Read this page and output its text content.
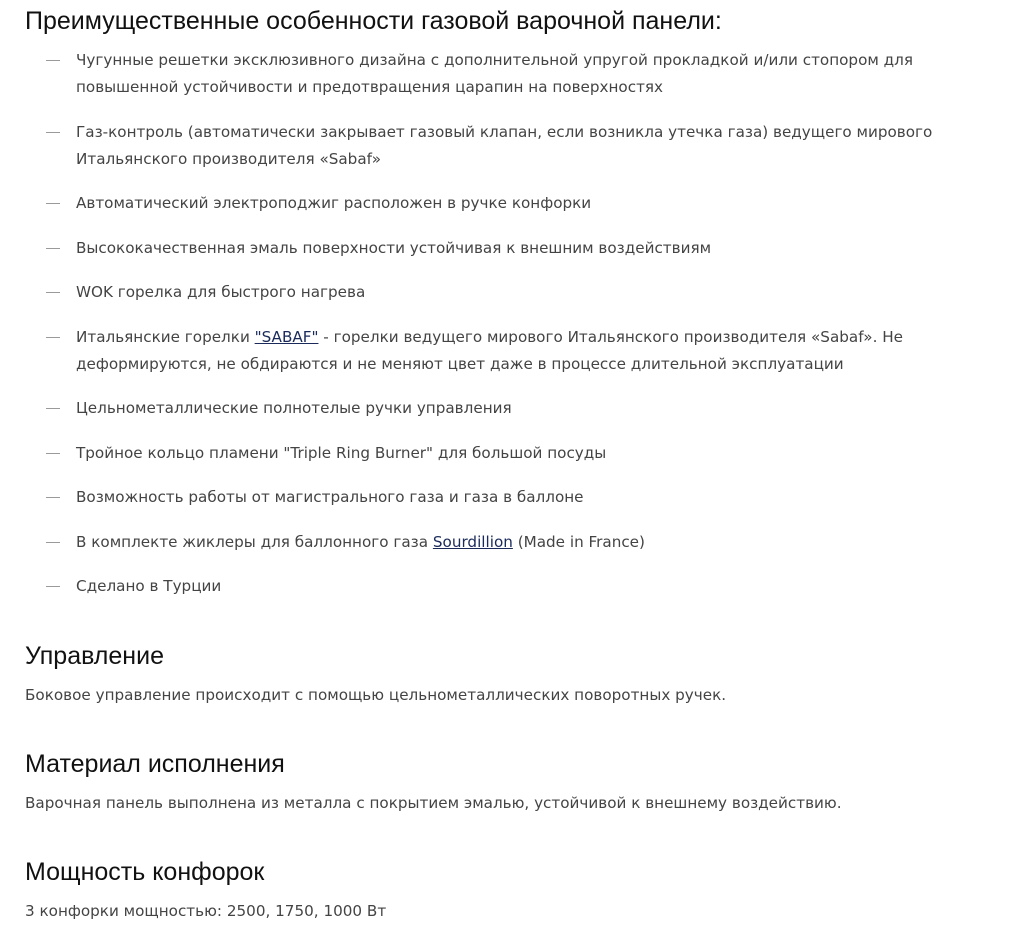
Преимущественные особенности газовой варочной панели:
Чугунные решетки эксклюзивного дизайна с дополнительной упругой прокладкой и/или стопором для повышенной устойчивости и предотвращения царапин на поверхностях
Газ-контроль (автоматически закрывает газовый клапан, если возникла утечка газа) ведущего мирового Итальянского производителя «Sabaf»
Автоматический электроподжиг расположен в ручке конфорки
Высококачественная эмаль поверхности устойчивая к внешним воздействиям
WOK горелка для быстрого нагрева
Итальянские горелки "SABAF" - горелки ведущего мирового Итальянского производителя «Sabaf». Не деформируются, не обдираются и не меняют цвет даже в процессе длительной эксплуатации
Цельнометаллические полнотелые ручки управления
Тройное кольцо пламени "Triple Ring Burner" для большой посуды
Возможность работы от магистрального газа и газа в баллоне
В комплекте жиклеры для баллонного газа Sourdillion (Made in France)
Сделано в Турции
Управление

Боковое управление происходит с помощью цельнометаллических поворотных ручек.

Материал исполнения

Варочная панель выполнена из металла с покрытием эмалью, устойчивой к внешнему воздействию.

Мощность конфорок

3 конфорки мощностью: 2500, 1750, 1000 Вт
